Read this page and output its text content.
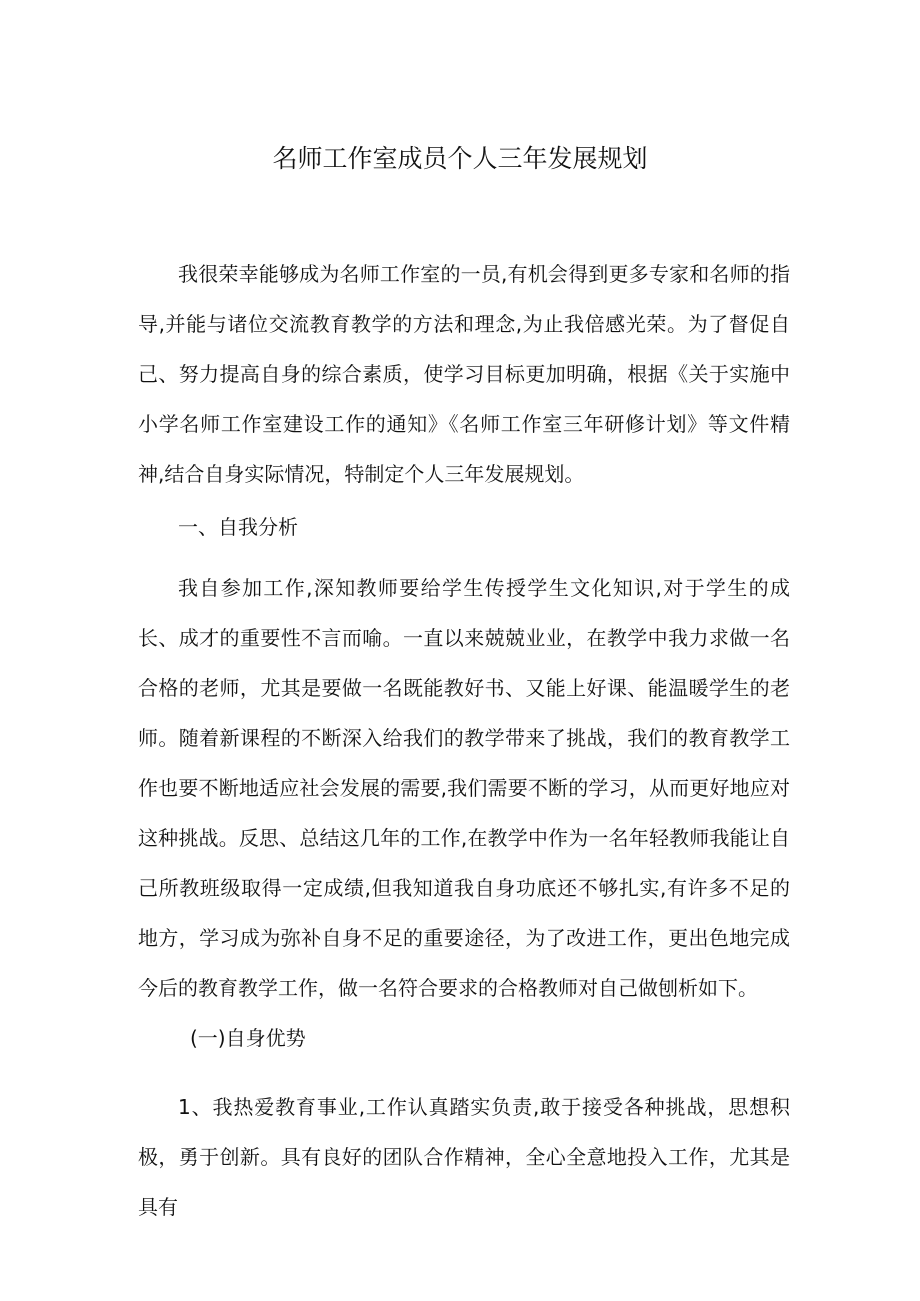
名师工作室成员个人三年发展规划

我很荣幸能够成为名师工作室的一员,有机会得到更多专家和名师的指导,并能与诸位交流教育教学的方法和理念,为止我倍感光荣。为了督促自己、努力提高自身的综合素质，使学习目标更加明确，根据《关于实施中小学名师工作室建设工作的通知》《名师工作室三年研修计划》等文件精神,结合自身实际情况，特制定个人三年发展规划。

一、自我分析

我自参加工作,深知教师要给学生传授学生文化知识,对于学生的成长、成才的重要性不言而喻。一直以来兢兢业业，在教学中我力求做一名合格的老师，尤其是要做一名既能教好书、又能上好课、能温暖学生的老师。随着新课程的不断深入给我们的教学带来了挑战，我们的教育教学工作也要不断地适应社会发展的需要,我们需要不断的学习，从而更好地应对这种挑战。反思、总结这几年的工作,在教学中作为一名年轻教师我能让自己所教班级取得一定成绩,但我知道我自身功底还不够扎实,有许多不足的地方，学习成为弥补自身不足的重要途径，为了改进工作，更出色地完成今后的教育教学工作，做一名符合要求的合格教师对自己做刨析如下。

(一)自身优势

1、我热爱教育事业,工作认真踏实负责,敢于接受各种挑战，思想积极，勇于创新。具有良好的团队合作精神，全心全意地投入工作，尤其是具有
